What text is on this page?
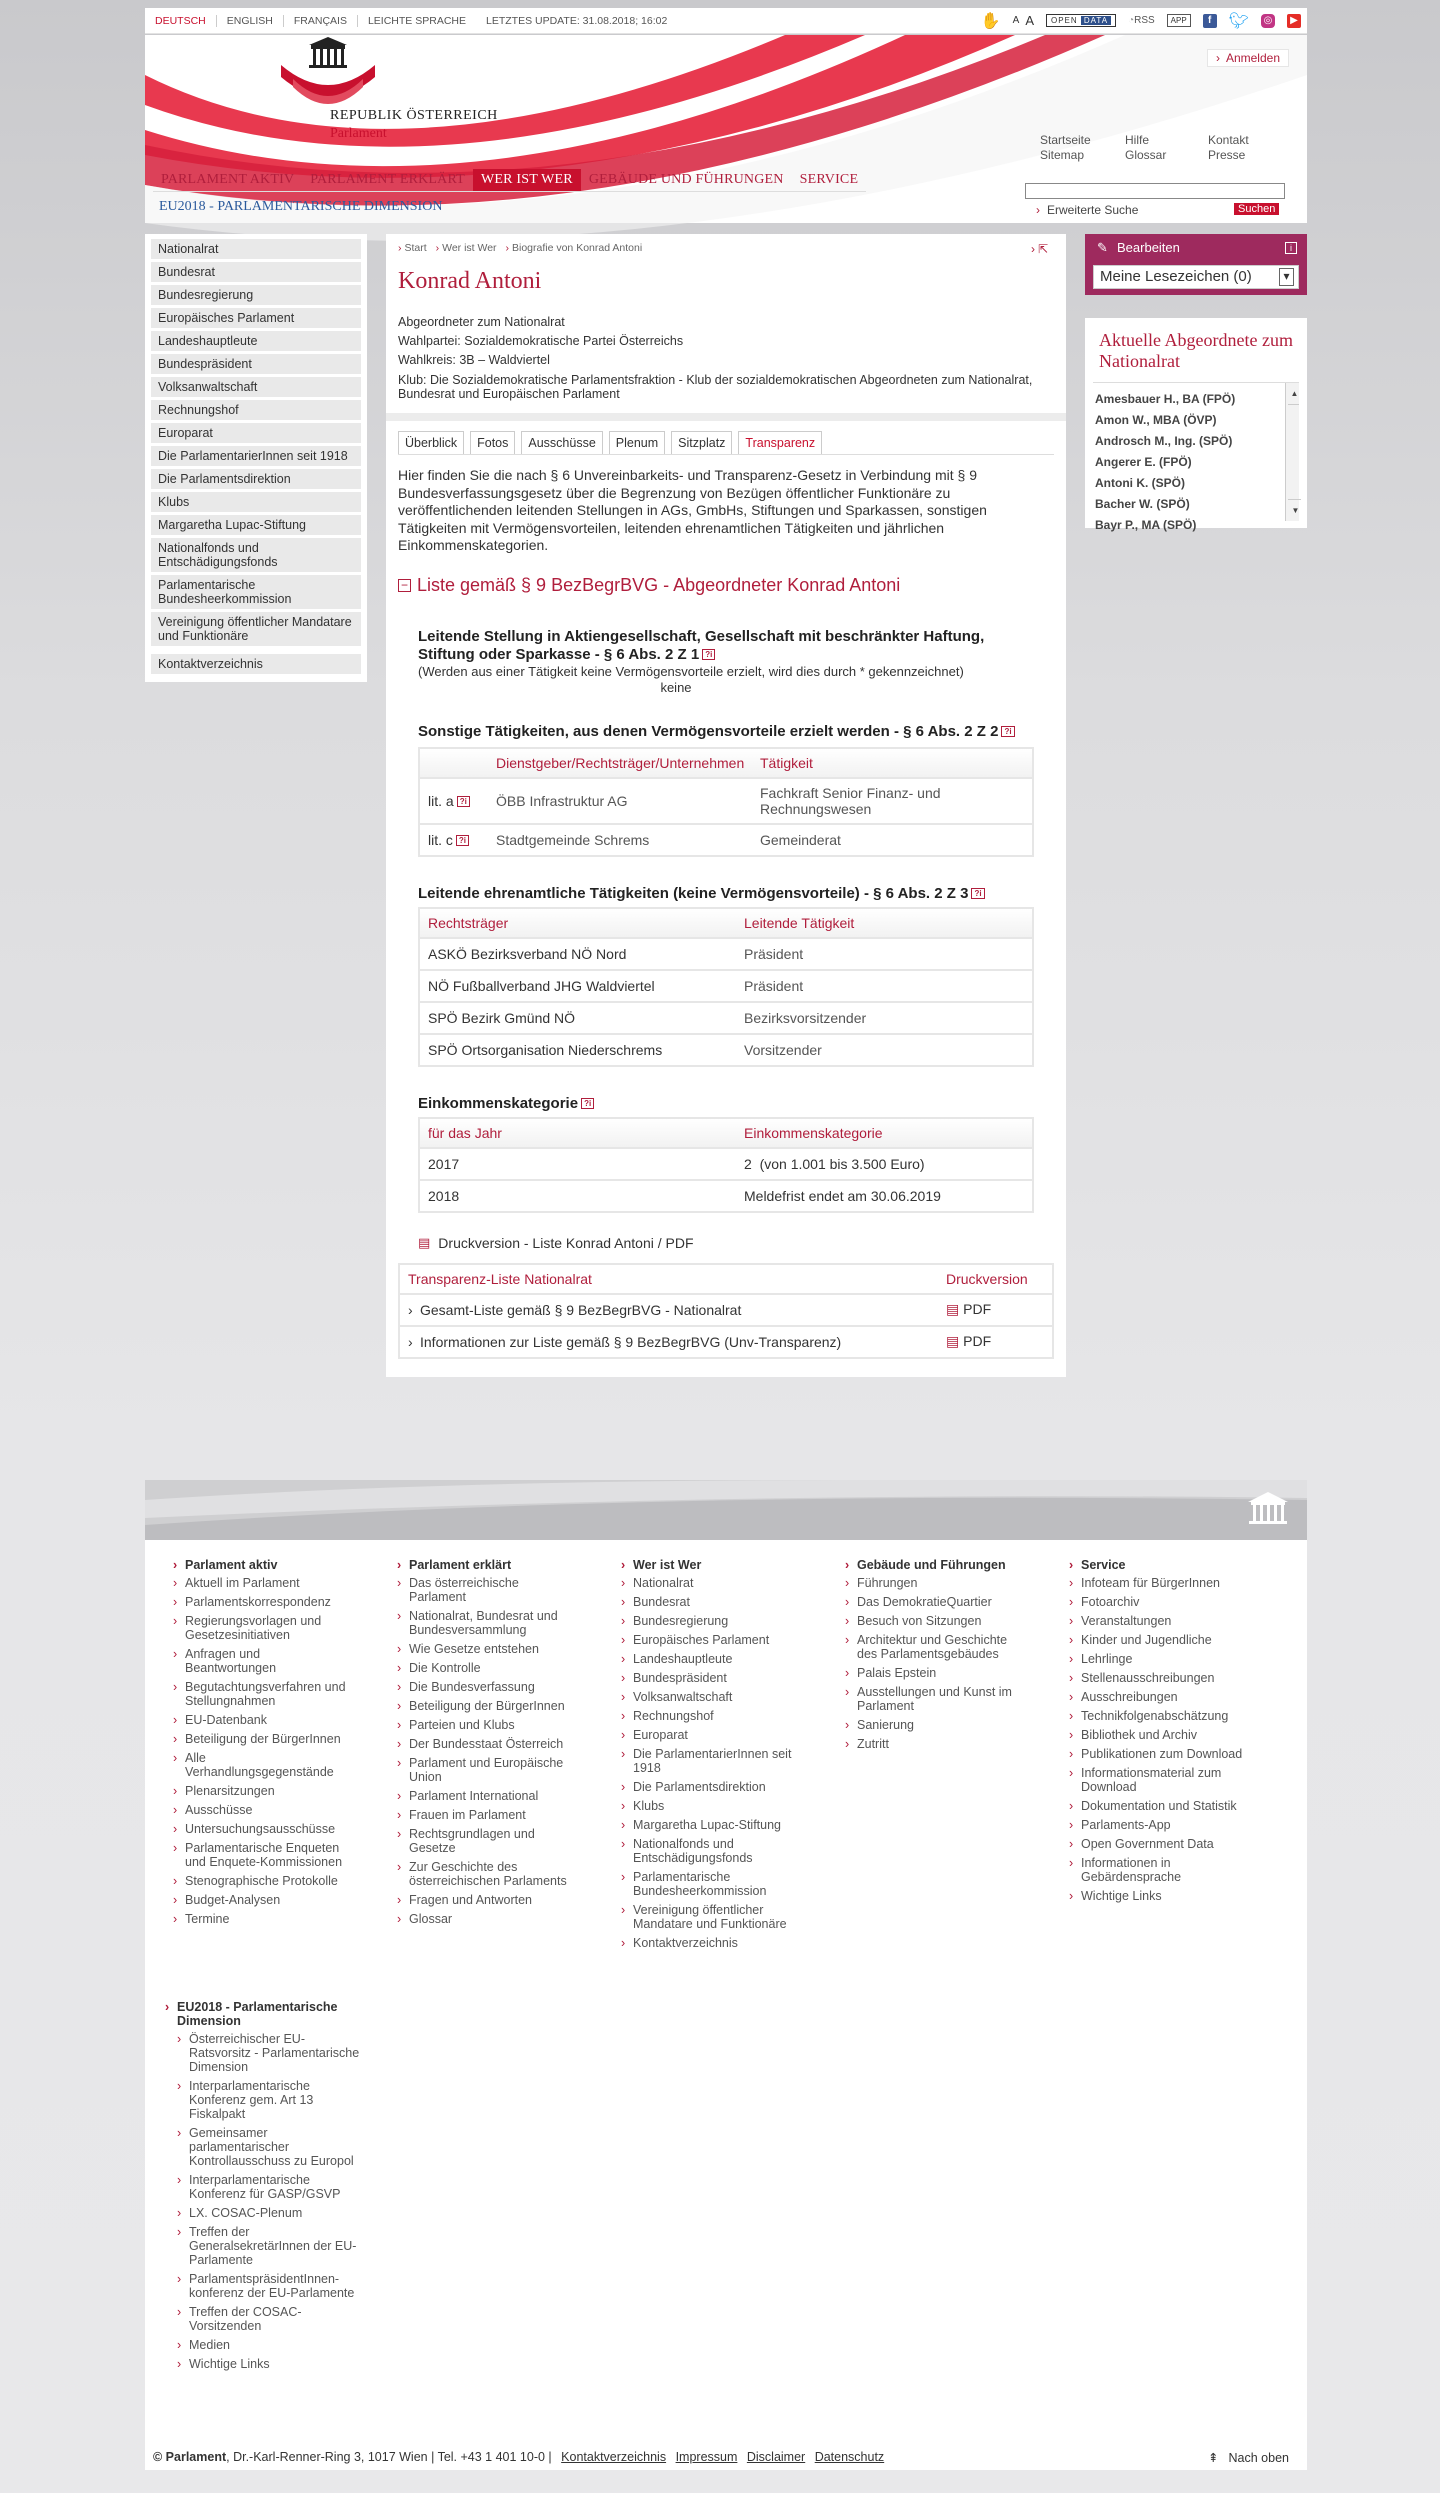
DEUTSCH	ENGLISH	FRANÇAIS	LEICHTE SPRACHE	LETZTES UPDATE: 31.08.2018; 16:02	✋ A A	OPEN DATA	◔RSS	APP	f	🐦︎ ◎	▶
REPUBLIK ÖSTERREICH
Parlament
› Anmelden
Startseite
Sitemap
Hilfe
Glossar
Kontakt
Presse
PARLAMENT AKTIV	PARLAMENT ERKLÄRT	WER IST WER	GEBÄUDE UND FÜHRUNGEN	SERVICE
EU2018 - PARLAMENTARISCHE DIMENSION	› Erweiterte Suche	Suchen
Nationalrat
Bundesrat
Bundesregierung
Europäisches Parlament
Landeshauptleute
Bundespräsident
Volksanwaltschaft
Rechnungshof
Europarat
Die ParlamentarierInnen seit 1918
Die Parlamentsdirektion
Klubs
Margaretha Lupac-Stiftung
Nationalfonds und Entschädigungsfonds
Parlamentarische Bundesheerkommission
Vereinigung öffentlicher Mandatare und Funktionäre
Kontaktverzeichnis
› Start › Wer ist Wer › Biografie von Konrad Antoni	› ⇱
Konrad Antoni
Abgeordneter zum Nationalrat
Wahlpartei: Sozialdemokratische Partei Österreichs
Wahlkreis: 3B – Waldviertel
Klub: Die Sozialdemokratische Parlamentsfraktion - Klub der sozialdemokratischen Abgeordneten zum Nationalrat, Bundesrat und Europäischen Parlament
Überblick	Fotos	Ausschüsse	Plenum	Sitzplatz	Transparenz
Hier finden Sie die nach § 6 Unvereinbarkeits- und Transparenz-Gesetz in Verbindung mit § 9 Bundesverfassungsgesetz über die Begrenzung von Bezügen öffentlicher Funktionäre zu veröffentlichenden leitenden Stellungen in AGs, GmbHs, Stiftungen und Sparkassen, sonstigen Tätigkeiten mit Vermögensvorteilen, leitenden ehrenamtlichen Tätigkeiten und jährlichen Einkommenskategorien.
− Liste gemäß § 9 BezBegrBVG - Abgeordneter Konrad Antoni
Leitende Stellung in Aktiengesellschaft, Gesellschaft mit beschränkter Haftung, Stiftung oder Sparkasse - § 6 Abs. 2 Z 1 ?i
(Werden aus einer Tätigkeit keine Vermögensvorteile erzielt, wird dies durch * gekennzeichnet)
keine
Sonstige Tätigkeiten, aus denen Vermögensvorteile erzielt werden - § 6 Abs. 2 Z 2 ?i
Dienstgeber/Rechtsträger/Unternehmen	Tätigkeit
lit. a ?i	ÖBB Infrastruktur AG	Fachkraft Senior Finanz- und Rechnungswesen
lit. c ?i	Stadtgemeinde Schrems	Gemeinderat
Leitende ehrenamtliche Tätigkeiten (keine Vermögensvorteile) - § 6 Abs. 2 Z 3 ?i
Rechtsträger	Leitende Tätigkeit
ASKÖ Bezirksverband NÖ Nord	Präsident
NÖ Fußballverband JHG Waldviertel	Präsident
SPÖ Bezirk Gmünd NÖ	Bezirksvorsitzender
SPÖ Ortsorganisation Niederschrems	Vorsitzender
Einkommenskategorie ?i
für das Jahr	Einkommenskategorie
2017	2  (von 1.001 bis 3.500 Euro)
2018	Meldefrist endet am 30.06.2019
▤ Druckversion - Liste Konrad Antoni / PDF
Transparenz-Liste Nationalrat	Druckversion
› Gesamt-Liste gemäß § 9 BezBegrBVG - Nationalrat	▤ PDF
› Informationen zur Liste gemäß § 9 BezBegrBVG (Unv-Transparenz)	▤ PDF
✎ Bearbeiten	i
Meine Lesezeichen (0) ▾
Aktuelle Abgeordnete zum Nationalrat
Amesbauer H., BA (FPÖ)
Amon W., MBA (ÖVP)
Androsch M., Ing. (SPÖ)
Angerer E. (FPÖ)
Antoni K. (SPÖ)
Bacher W. (SPÖ)
Bayr P., MA (SPÖ)
▲
▼
› Parlament aktiv
› Aktuell im Parlament
› Parlamentskorrespondenz
› Regierungsvorlagen und Gesetzesinitiativen
› Anfragen und Beantwortungen
› Begutachtungsverfahren und Stellungnahmen
› EU-Datenbank
› Beteiligung der BürgerInnen
› Alle Verhandlungsgegenstände
› Plenarsitzungen
› Ausschüsse
› Untersuchungsausschüsse
› Parlamentarische Enqueten und Enquete-Kommissionen
› Stenographische Protokolle
› Budget-Analysen
› Termine
› Parlament erklärt
› Das österreichische Parlament
› Nationalrat, Bundesrat und Bundesversammlung
› Wie Gesetze entstehen
› Die Kontrolle
› Die Bundesverfassung
› Beteiligung der BürgerInnen
› Parteien und Klubs
› Der Bundesstaat Österreich
› Parlament und Europäische Union
› Parlament International
› Frauen im Parlament
› Rechtsgrundlagen und Gesetze
› Zur Geschichte des österreichischen Parlaments
› Fragen und Antworten
› Glossar
› Wer ist Wer
› Nationalrat
› Bundesrat
› Bundesregierung
› Europäisches Parlament
› Landeshauptleute
› Bundespräsident
› Volksanwaltschaft
› Rechnungshof
› Europarat
› Die ParlamentarierInnen seit 1918
› Die Parlamentsdirektion
› Klubs
› Margaretha Lupac-Stiftung
› Nationalfonds und Entschädigungsfonds
› Parlamentarische Bundesheerkommission
› Vereinigung öffentlicher Mandatare und Funktionäre
› Kontaktverzeichnis
› Gebäude und Führungen
› Führungen
› Das DemokratieQuartier
› Besuch von Sitzungen
› Architektur und Geschichte des Parlamentsgebäudes
› Palais Epstein
› Ausstellungen und Kunst im Parlament
› Sanierung
› Zutritt
› Service
› Infoteam für BürgerInnen
› Fotoarchiv
› Veranstaltungen
› Kinder und Jugendliche
› Lehrlinge
› Stellenausschreibungen
› Ausschreibungen
› Technikfolgenabschätzung
› Bibliothek und Archiv
› Publikationen zum Download
› Informationsmaterial zum Download
› Dokumentation und Statistik
› Parlaments-App
› Open Government Data
› Informationen in Gebärdensprache
› Wichtige Links
› EU2018 - Parlamentarische Dimension
› Österreichischer EU-Ratsvorsitz - Parlamentarische Dimension
› Interparlamentarische Konferenz gem. Art 13 Fiskalpakt
› Gemeinsamer parlamentarischer Kontrollausschuss zu Europol
› Interparlamentarische Konferenz für GASP/GSVP
› LX. COSAC-Plenum
› Treffen der GeneralsekretärInnen der EU-Parlamente
› ParlamentspräsidentInnen-konferenz der EU-Parlamente
› Treffen der COSAC-Vorsitzenden
› Medien
› Wichtige Links
© Parlament, Dr.-Karl-Renner-Ring 3, 1017 Wien | Tel. +43 1 401 10-0 | Kontaktverzeichnis Impressum Disclaimer Datenschutz	⇞ Nach oben
